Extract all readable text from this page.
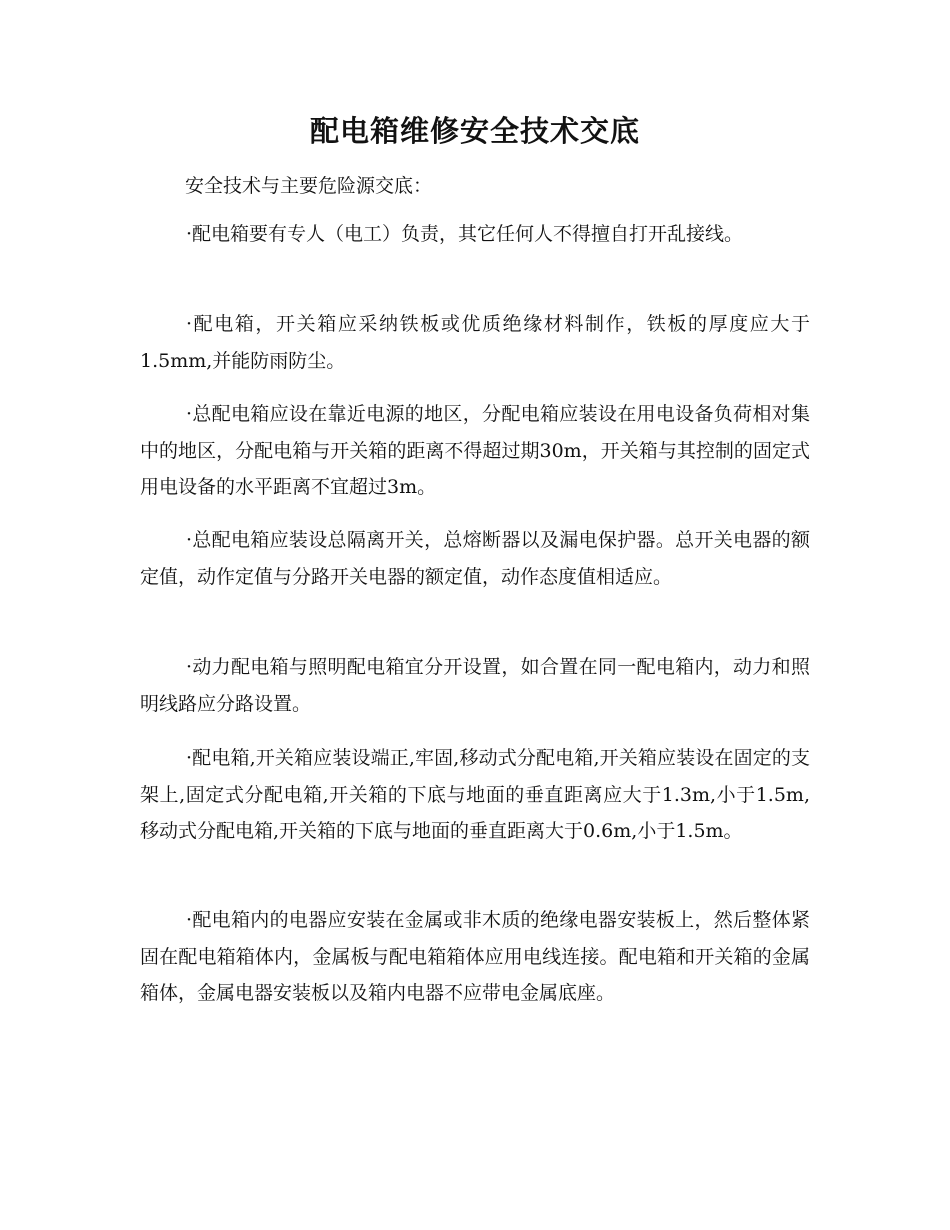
配电箱维修安全技术交底
安全技术与主要危险源交底：

·配电箱要有专人（电工）负责，其它任何人不得擅自打开乱接线。

·配电箱，开关箱应采纳铁板或优质绝缘材料制作，铁板的厚度应大于1.5mm,并能防雨防尘。

·总配电箱应设在靠近电源的地区，分配电箱应装设在用电设备负荷相对集中的地区，分配电箱与开关箱的距离不得超过期30m，开关箱与其控制的固定式用电设备的水平距离不宜超过3m。

·总配电箱应装设总隔离开关，总熔断器以及漏电保护器。总开关电器的额定值，动作定值与分路开关电器的额定值，动作态度值相适应。

·动力配电箱与照明配电箱宜分开设置，如合置在同一配电箱内，动力和照明线路应分路设置。

·配电箱,开关箱应装设端正,牢固,移动式分配电箱,开关箱应装设在固定的支架上,固定式分配电箱,开关箱的下底与地面的垂直距离应大于1.3m,小于1.5m,移动式分配电箱,开关箱的下底与地面的垂直距离大于0.6m,小于1.5m。

·配电箱内的电器应安装在金属或非木质的绝缘电器安装板上，然后整体紧固在配电箱箱体内，金属板与配电箱箱体应用电线连接。配电箱和开关箱的金属箱体，金属电器安装板以及箱内电器不应带电金属底座。
